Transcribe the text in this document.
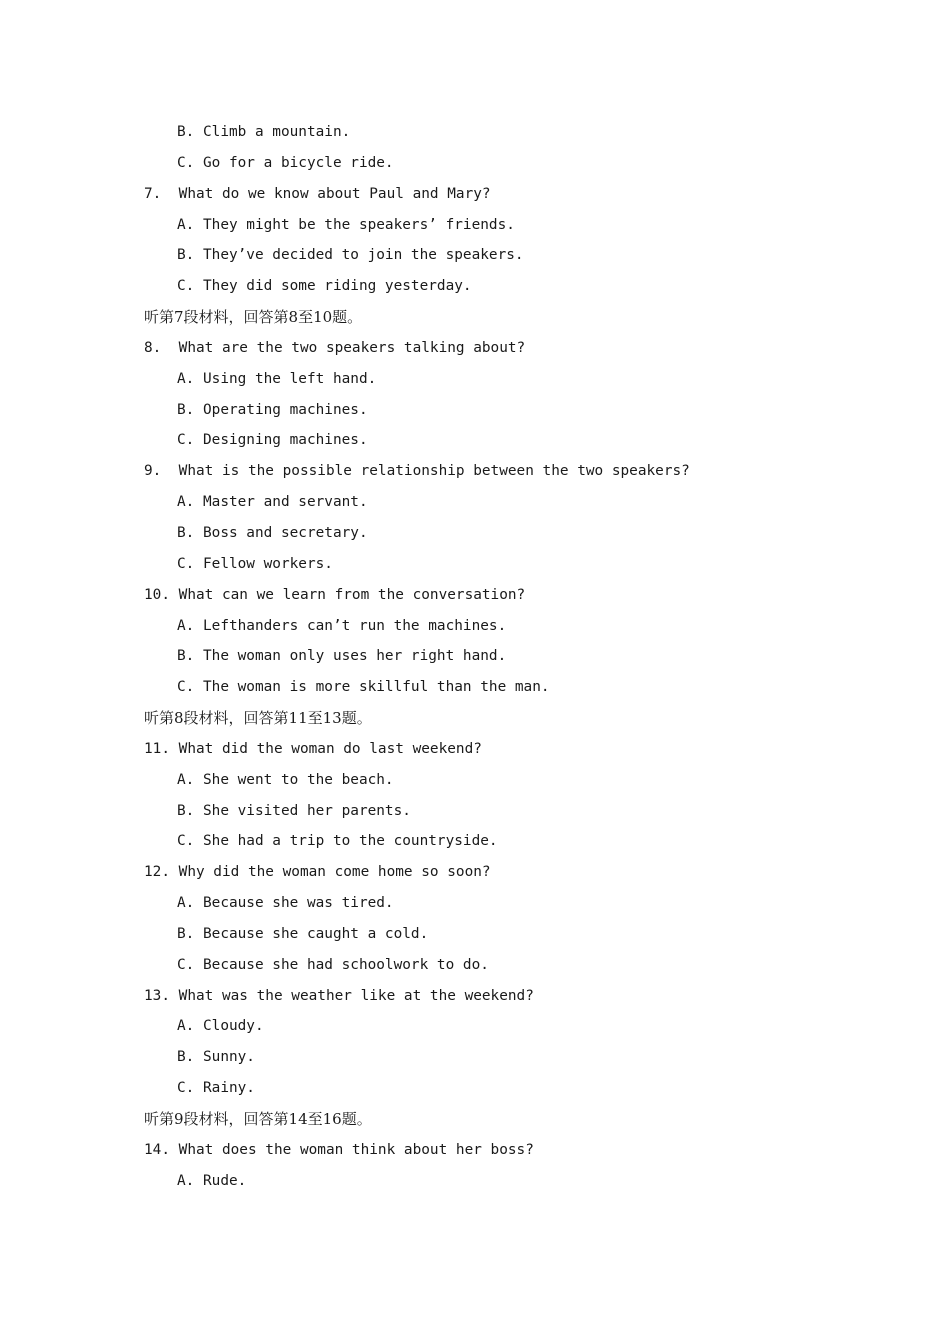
B. Climb a mountain.
C. Go for a bicycle ride.
7.  What do we know about Paul and Mary?
A. They might be the speakers’ friends.
B. They’ve decided to join the speakers.
C. They did some riding yesterday.
听第7段材料，回答第8至10题。
8.  What are the two speakers talking about?
A. Using the left hand.
B. Operating machines.
C. Designing machines.
9.  What is the possible relationship between the two speakers?
A. Master and servant.
B. Boss and secretary.
C. Fellow workers.
10. What can we learn from the conversation?
A. Lefthanders can’t run the machines.
B. The woman only uses her right hand.
C. The woman is more skillful than the man.
听第8段材料，回答第11至13题。
11. What did the woman do last weekend?
A. She went to the beach.
B. She visited her parents.
C. She had a trip to the countryside.
12. Why did the woman come home so soon?
A. Because she was tired.
B. Because she caught a cold.
C. Because she had schoolwork to do.
13. What was the weather like at the weekend?
A. Cloudy.
B. Sunny.
C. Rainy.
听第9段材料，回答第14至16题。
14. What does the woman think about her boss?
A. Rude.
